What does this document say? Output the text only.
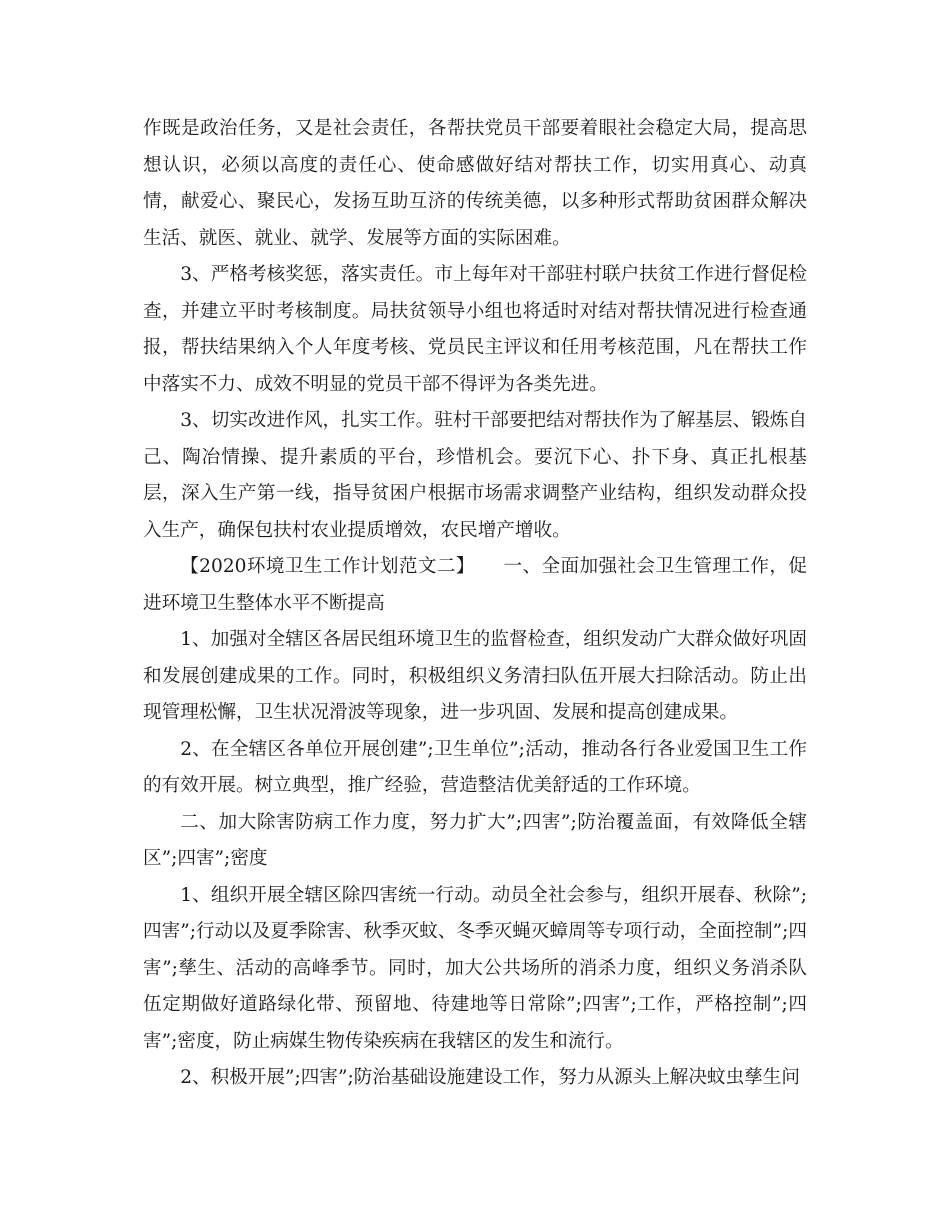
作既是政治任务，又是社会责任，各帮扶党员干部要着眼社会稳定大局，提高思想认识，必须以高度的责任心、使命感做好结对帮扶工作，切实用真心、动真情，献爱心、聚民心，发扬互助互济的传统美德，以多种形式帮助贫困群众解决生活、就医、就业、就学、发展等方面的实际困难。

3、严格考核奖惩，落实责任。市上每年对干部驻村联户扶贫工作进行督促检查，并建立平时考核制度。局扶贫领导小组也将适时对结对帮扶情况进行检查通报，帮扶结果纳入个人年度考核、党员民主评议和任用考核范围，凡在帮扶工作中落实不力、成效不明显的党员干部不得评为各类先进。

3、切实改进作风，扎实工作。驻村干部要把结对帮扶作为了解基层、锻炼自己、陶冶情操、提升素质的平台，珍惜机会。要沉下心、扑下身、真正扎根基层，深入生产第一线，指导贫困户根据市场需求调整产业结构，组织发动群众投入生产，确保包扶村农业提质增效，农民增产增收。

【2020环境卫生工作计划范文二】　　一、全面加强社会卫生管理工作，促进环境卫生整体水平不断提高

1、加强对全辖区各居民组环境卫生的监督检查，组织发动广大群众做好巩固和发展创建成果的工作。同时，积极组织义务清扫队伍开展大扫除活动。防止出现管理松懈，卫生状况滑波等现象，进一步巩固、发展和提高创建成果。

2、在全辖区各单位开展创建”;卫生单位”;活动，推动各行各业爱国卫生工作的有效开展。树立典型，推广经验，营造整洁优美舒适的工作环境。

二、加大除害防病工作力度，努力扩大”;四害”;防治覆盖面，有效降低全辖区”;四害”;密度

1、组织开展全辖区除四害统一行动。动员全社会参与，组织开展春、秋除”;四害”;行动以及夏季除害、秋季灭蚊、冬季灭蝇灭蟑周等专项行动，全面控制”;四害”;孳生、活动的高峰季节。同时，加大公共场所的消杀力度，组织义务消杀队伍定期做好道路绿化带、预留地、待建地等日常除”;四害”;工作，严格控制”;四害”;密度，防止病媒生物传染疾病在我辖区的发生和流行。

2、积极开展”;四害”;防治基础设施建设工作，努力从源头上解决蚊虫孳生问
